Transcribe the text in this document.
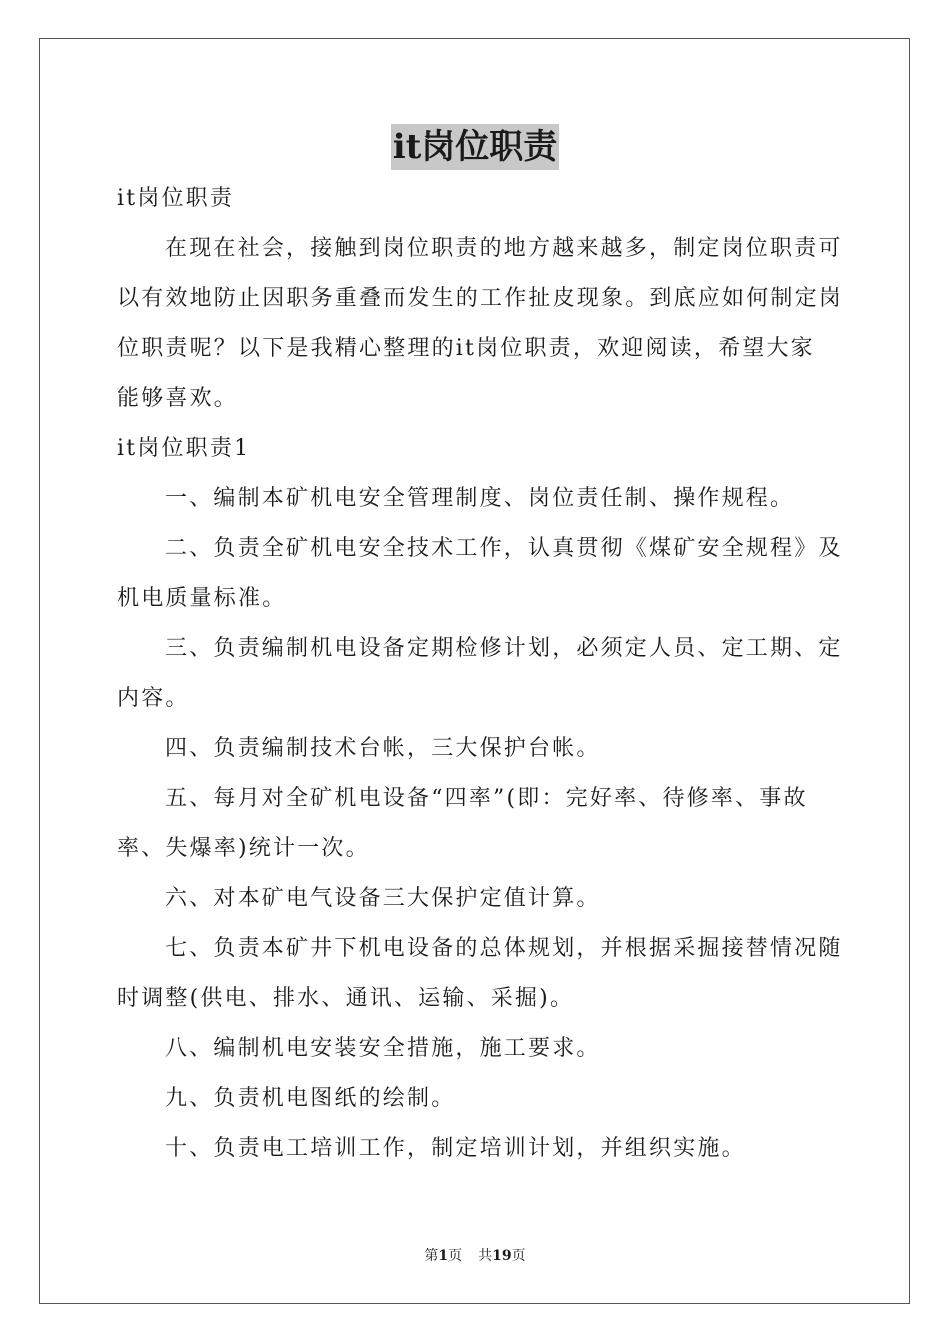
it岗位职责
it岗位职责
在现在社会，接触到岗位职责的地方越来越多，制定岗位职责可
以有效地防止因职务重叠而发生的工作扯皮现象。到底应如何制定岗
位职责呢？以下是我精心整理的it岗位职责，欢迎阅读，希望大家
能够喜欢。
it岗位职责1
一、编制本矿机电安全管理制度、岗位责任制、操作规程。
二、负责全矿机电安全技术工作，认真贯彻《煤矿安全规程》及
机电质量标准。
三、负责编制机电设备定期检修计划，必须定人员、定工期、定
内容。
四、负责编制技术台帐，三大保护台帐。
五、每月对全矿机电设备“四率”(即：完好率、待修率、事故
率、失爆率)统计一次。
六、对本矿电气设备三大保护定值计算。
七、负责本矿井下机电设备的总体规划，并根据采掘接替情况随
时调整(供电、排水、通讯、运输、采掘)。
八、编制机电安装安全措施，施工要求。
九、负责机电图纸的绘制。
十、负责电工培训工作，制定培训计划，并组织实施。
第1页 共19页
